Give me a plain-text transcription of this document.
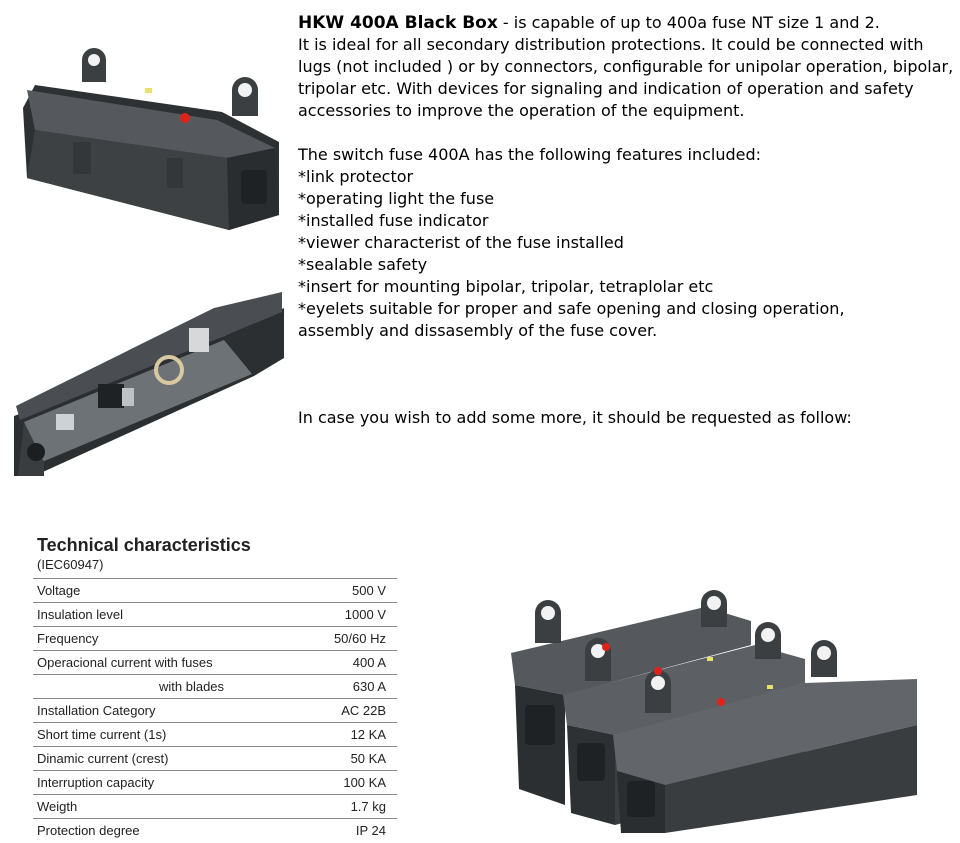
HKW 400A Black Box - is capable of up to 400a fuse NT size 1 and 2.

It is ideal for all secondary distribution protections. It could be connected with lugs (not included ) or by connectors, configurable for unipolar operation, bipolar, tripolar etc. With devices for signaling and indication of operation and safety accessories to improve the operation of the equipment.

The switch fuse 400A has the following features included:

*link protector

*operating light the fuse

*installed fuse indicator

*viewer characterist of the fuse installed

*sealable safety

*insert for mounting bipolar, tripolar, tetraplolar etc

*eyelets suitable for proper and safe opening and closing operation, assembly and dissasembly of the fuse cover.

In case you wish to add some more, it should be requested as follow:
Technical characteristics
(IEC60947)
Voltage	500 V
Insulation level	1000 V
Frequency	50/60 Hz
Operacional current with fuses	400 A
with blades	630 A
Installation Category	AC 22B
Short time current (1s)	12 KA
Dinamic current (crest)	50 KA
Interruption capacity	100 KA
Weigth	1.7 kg
Protection degree	IP 24
